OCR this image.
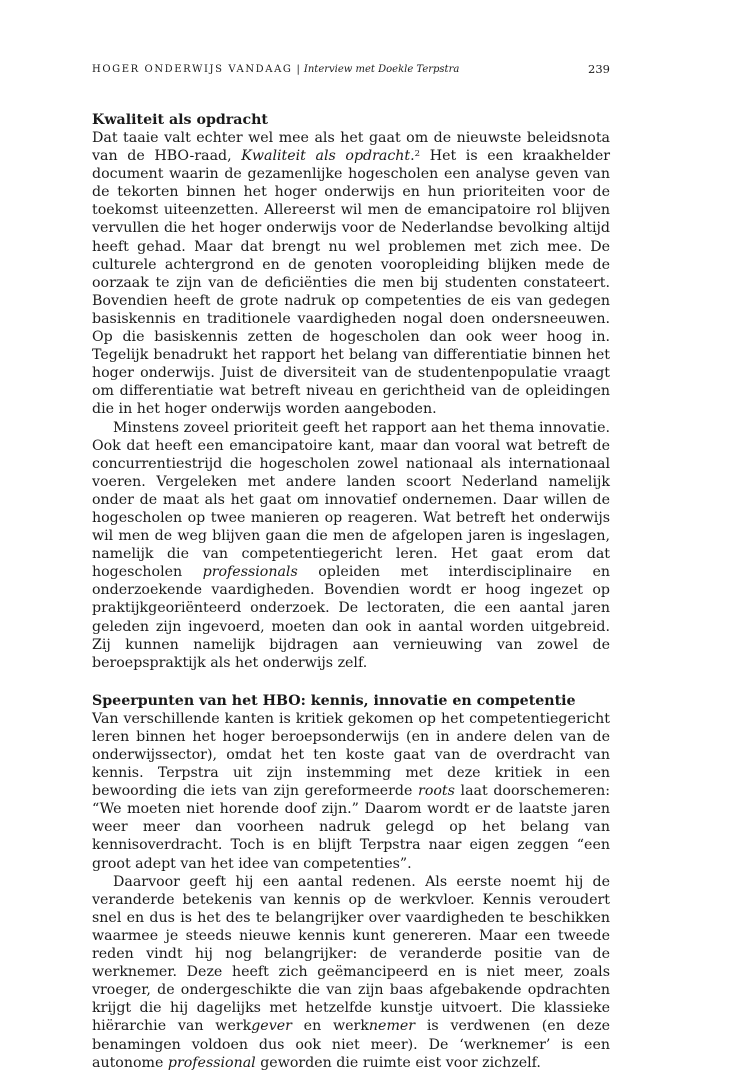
HOGER ONDERWIJS VANDAAG | Interview met Doekle Terpstra	239
Kwaliteit als opdracht

Dat taaie valt echter wel mee als het gaat om de nieuwste beleidsnota van de HBO-raad, Kwaliteit als opdracht.$^2$ Het is een kraakhelder document waarin de gezamenlijke hogescholen een analyse geven van de tekorten binnen het hoger onderwijs en hun prioriteiten voor de toekomst uiteenzetten. Allereerst wil men de emancipatoire rol blijven vervullen die het hoger onderwijs voor de Nederlandse bevolking altijd heeft gehad. Maar dat brengt nu wel problemen met zich mee. De culturele achtergrond en de genoten vooropleiding blijken mede de oorzaak te zijn van de deficiënties die men bij studenten constateert. Bovendien heeft de grote nadruk op competenties de eis van gedegen basiskennis en traditionele vaardigheden nogal doen ondersneeuwen. Op die basiskennis zetten de hogescholen dan ook weer hoog in. Tegelijk benadrukt het rapport het belang van differentiatie binnen het hoger onderwijs. Juist de diversiteit van de studentenpopulatie vraagt om differentiatie wat betreft niveau en gerichtheid van de opleidingen die in het hoger onderwijs worden aangeboden.

Minstens zoveel prioriteit geeft het rapport aan het thema innovatie. Ook dat heeft een emancipatoire kant, maar dan vooral wat betreft de concurrentiestrijd die hogescholen zowel nationaal als internationaal voeren. Vergeleken met andere landen scoort Nederland namelijk onder de maat als het gaat om innovatief ondernemen. Daar willen de hogescholen op twee manieren op reageren. Wat betreft het onderwijs wil men de weg blijven gaan die men de afgelopen jaren is ingeslagen, namelijk die van competentiegericht leren. Het gaat erom dat hogescholen professionals opleiden met interdisciplinaire en onderzoekende vaardigheden. Bovendien wordt er hoog ingezet op praktijkgeoriënteerd onderzoek. De lectoraten, die een aantal jaren geleden zijn ingevoerd, moeten dan ook in aantal worden uitgebreid. Zij kunnen namelijk bijdragen aan vernieuwing van zowel de beroepspraktijk als het onderwijs zelf.

Speerpunten van het HBO: kennis, innovatie en competentie

Van verschillende kanten is kritiek gekomen op het competentiegericht leren binnen het hoger beroepsonderwijs (en in andere delen van de onderwijssector), omdat het ten koste gaat van de overdracht van kennis. Terpstra uit zijn instemming met deze kritiek in een bewoording die iets van zijn gereformeerde roots laat doorschemeren: “We moeten niet horende doof zijn.” Daarom wordt er de laatste jaren weer meer dan voorheen nadruk gelegd op het belang van kennisoverdracht. Toch is en blijft Terpstra naar eigen zeggen “een groot adept van het idee van competenties”.

Daarvoor geeft hij een aantal redenen. Als eerste noemt hij de veranderde betekenis van kennis op de werkvloer. Kennis veroudert snel en dus is het des te belangrijker over vaardigheden te beschikken waarmee je steeds nieuwe kennis kunt genereren. Maar een tweede reden vindt hij nog belangrijker: de veranderde positie van de werknemer. Deze heeft zich geëmancipeerd en is niet meer, zoals vroeger, de ondergeschikte die van zijn baas afgebakende opdrachten krijgt die hij dagelijks met hetzelfde kunstje uitvoert. Die klassieke hiërarchie van werkgever en werknemer is verdwenen (en deze benamingen voldoen dus ook niet meer). De ‘werknemer’ is een autonome professional geworden die ruimte eist voor zichzelf.
